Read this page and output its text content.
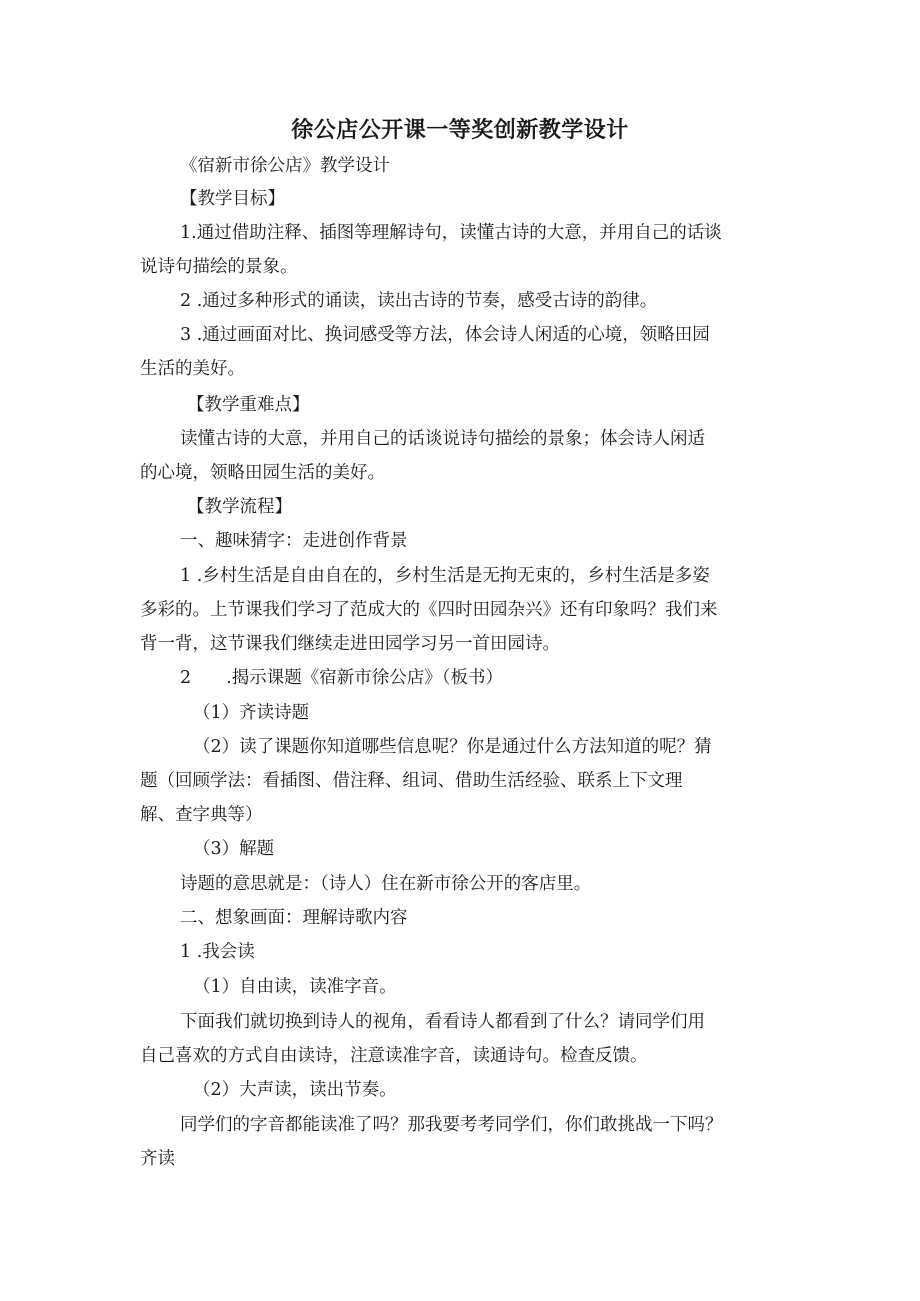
徐公店公开课一等奖创新教学设计

《宿新市徐公店》教学设计

【教学目标】

1.通过借助注释、插图等理解诗句，读懂古诗的大意，并用自己的话谈

说诗句描绘的景象。

2 .通过多种形式的诵读，读出古诗的节奏，感受古诗的韵律。

3 .通过画面对比、换词感受等方法，体会诗人闲适的心境，领略田园

生活的美好。

【教学重难点】

读懂古诗的大意，并用自己的话谈说诗句描绘的景象；体会诗人闲适

的心境，领略田园生活的美好。

【教学流程】

一、趣味猜字：走进创作背景

1 .乡村生活是自由自在的，乡村生活是无拘无束的，乡村生活是多姿

多彩的。上节课我们学习了范成大的《四时田园杂兴》还有印象吗？我们来

背一背，这节课我们继续走进田园学习另一首田园诗。

2　　.揭示课题《宿新市徐公店》（板书）

（1）齐读诗题

（2）读了课题你知道哪些信息呢？你是通过什么方法知道的呢？猜

题（回顾学法：看插图、借注释、组词、借助生活经验、联系上下文理

解、查字典等）

（3）解题

诗题的意思就是：（诗人）住在新市徐公开的客店里。

二、想象画面：理解诗歌内容

1 .我会读

（1）自由读，读准字音。

下面我们就切换到诗人的视角，看看诗人都看到了什么？请同学们用

自己喜欢的方式自由读诗，注意读准字音，读通诗句。检查反馈。

（2）大声读，读出节奏。

同学们的字音都能读准了吗？那我要考考同学们，你们敢挑战一下吗？

齐读
